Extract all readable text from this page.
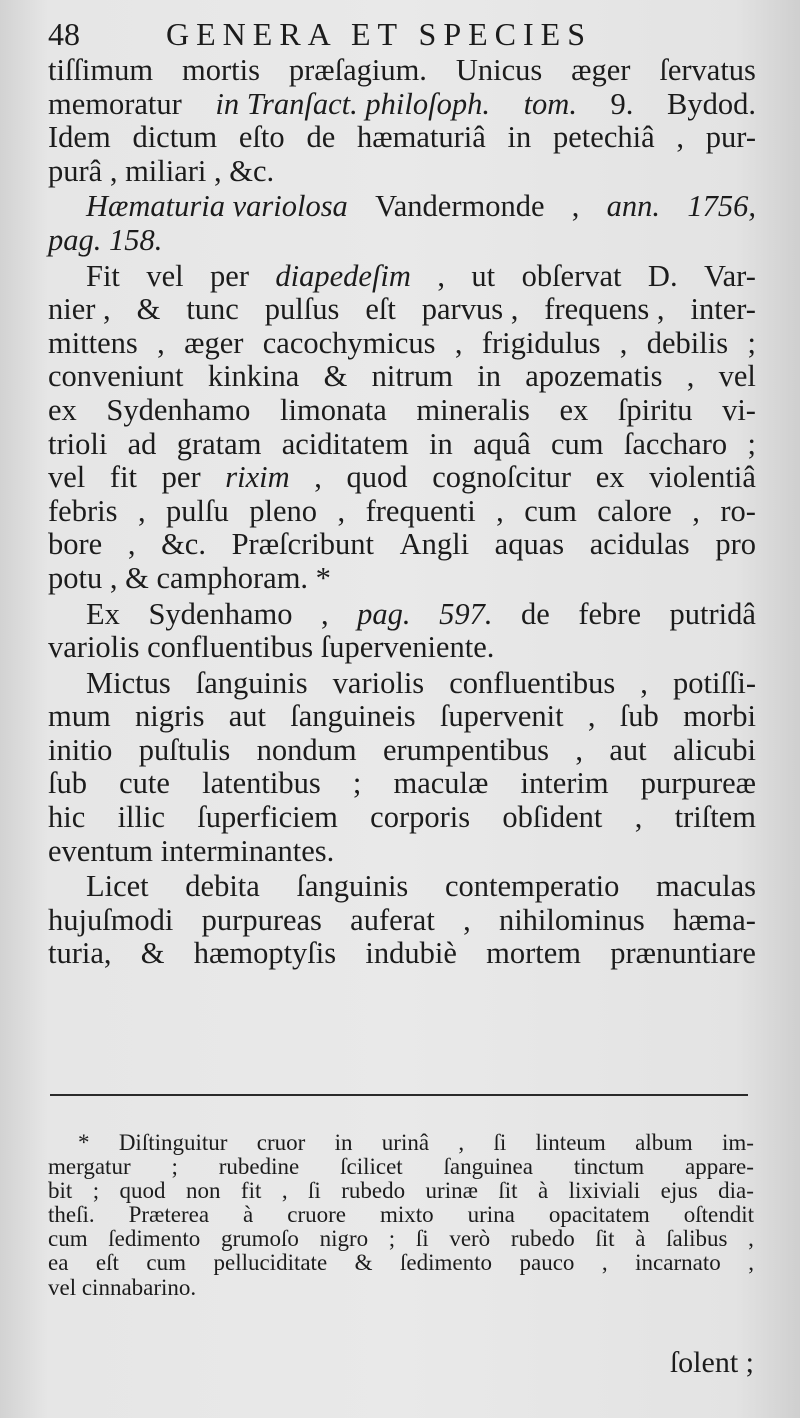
48	GENERA ET SPECIES
tiſſimum mortis præſagium. Unicus æger ſervatus
memoratur in Tranſact. philoſoph. tom. 9. Bydod.
Idem dictum eſto de hæmaturiâ in petechiâ , pur-
purâ , miliari , &c.
Hæmaturia variolosa Vandermonde , ann. 1756,
pag. 158.
Fit vel per diapedeſim , ut obſervat D. Var-
nier , & tunc pulſus eſt parvus , frequens , inter-
mittens , æger cacochymicus , frigidulus , debilis ;
conveniunt kinkina & nitrum in apozematis , vel
ex Sydenhamo limonata mineralis ex ſpiritu vi-
trioli ad gratam aciditatem in aquâ cum ſaccharo ;
vel fit per rixim , quod cognoſcitur ex violentiâ
febris , pulſu pleno , frequenti , cum calore , ro-
bore , &c. Præſcribunt Angli aquas acidulas pro
potu , & camphoram. *
Ex Sydenhamo , pag. 597. de febre putridâ
variolis confluentibus ſuperveniente.
Mictus ſanguinis variolis confluentibus , potiſſi-
mum nigris aut ſanguineis ſupervenit , ſub morbi
initio puſtulis nondum erumpentibus , aut alicubi
ſub cute latentibus ; maculæ interim purpureæ
hic illic ſuperficiem corporis obſident , triſtem
eventum interminantes.
Licet debita ſanguinis contemperatio maculas
hujuſmodi purpureas auferat , nihilominus hæma-
turia, & hæmoptyſis indubiè mortem prænuntiare
* Diſtinguitur cruor in urinâ , ſi linteum album im-
mergatur ; rubedine ſcilicet ſanguinea tinctum appare-
bit ; quod non fit , ſi rubedo urinæ ſit à lixiviali ejus dia-
theſi. Præterea à cruore mixto urina opacitatem oſtendit
cum ſedimento grumoſo nigro ; ſi verò rubedo ſit à ſalibus ,
ea eſt cum pelluciditate & ſedimento pauco , incarnato ,
vel cinnabarino.
ſolent ;
